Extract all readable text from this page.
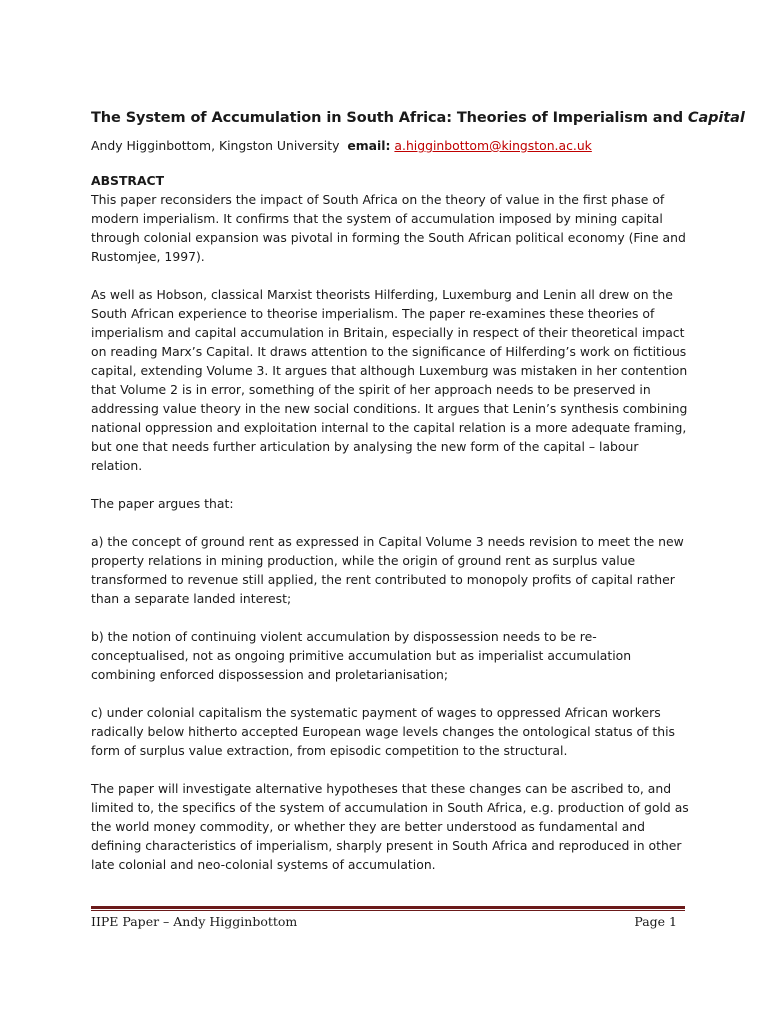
The System of Accumulation in South Africa: Theories of Imperialism and Capital
Andy Higginbottom, Kingston University email: a.higginbottom@kingston.ac.uk
ABSTRACT

This paper reconsiders the impact of South Africa on the theory of value in the first phase of modern imperialism. It confirms that the system of accumulation imposed by mining capital through colonial expansion was pivotal in forming the South African political economy (Fine and Rustomjee, 1997).

As well as Hobson, classical Marxist theorists Hilferding, Luxemburg and Lenin all drew on the South African experience to theorise imperialism. The paper re-examines these theories of imperialism and capital accumulation in Britain, especially in respect of their theoretical impact on reading Marx’s Capital. It draws attention to the significance of Hilferding’s work on fictitious capital, extending Volume 3. It argues that although Luxemburg was mistaken in her contention that Volume 2 is in error, something of the spirit of her approach needs to be preserved in addressing value theory in the new social conditions. It argues that Lenin’s synthesis combining national oppression and exploitation internal to the capital relation is a more adequate framing, but one that needs further articulation by analysing the new form of the capital – labour relation.

The paper argues that:

a) the concept of ground rent as expressed in Capital Volume 3 needs revision to meet the new property relations in mining production, while the origin of ground rent as surplus value transformed to revenue still applied, the rent contributed to monopoly profits of capital rather than a separate landed interest;

b) the notion of continuing violent accumulation by dispossession needs to be re-conceptualised, not as ongoing primitive accumulation but as imperialist accumulation combining enforced dispossession and proletarianisation;

c) under colonial capitalism the systematic payment of wages to oppressed African workers radically below hitherto accepted European wage levels changes the ontological status of this form of surplus value extraction, from episodic competition to the structural.

The paper will investigate alternative hypotheses that these changes can be ascribed to, and limited to, the specifics of the system of accumulation in South Africa, e.g. production of gold as the world money commodity, or whether they are better understood as fundamental and defining characteristics of imperialism, sharply present in South Africa and reproduced in other late colonial and neo-colonial systems of accumulation.

IIPE Paper – Andy Higginbottom	Page 1
